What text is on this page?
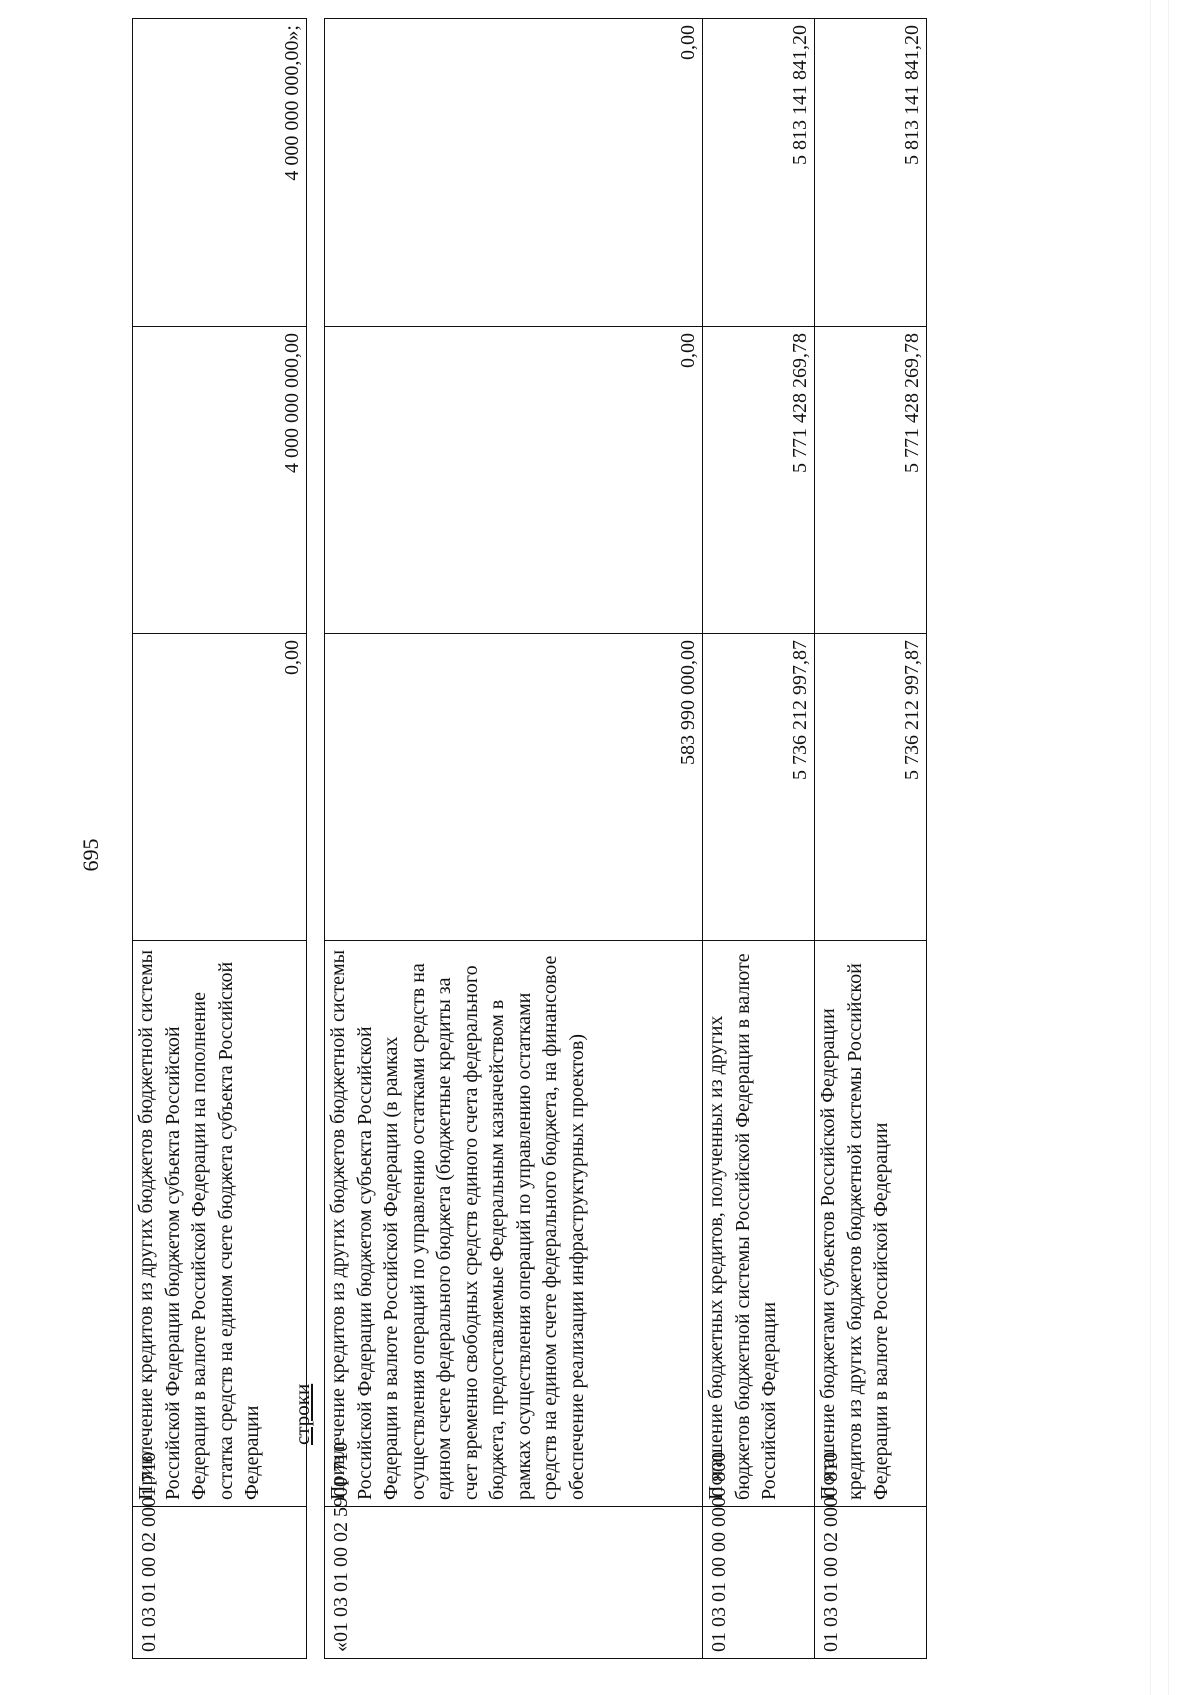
695
01 03 01 00 02 0001 710	Привлечение кредитов из других бюджетов бюджетной системы Российской Федерации бюджетом субъекта Российской Федерации в валюте Российской Федерации на пополнение остатка средств на едином счете бюджета субъекта Российской Федерации	0,00	4 000 000 000,00	4 000 000 000,00»;
строки
«01 03 01 00 02 5900 710	Привлечение кредитов из других бюджетов бюджетной системы Российской Федерации бюджетом субъекта Российской Федерации в валюте Российской Федерации (в рамках осуществления операций по управлению остатками средств на едином счете федерального бюджета (бюджетные кредиты за счет временно свободных средств единого счета федерального бюджета, предоставляемые Федеральным казначейством в рамках осуществления операций по управлению остатками средств на едином счете федерального бюджета, на финансовое обеспечение реализации инфраструктурных проектов)	583 990 000,00	0,00	0,00
01 03 01 00 00 0000 800	Погашение бюджетных кредитов, полученных из других бюджетов бюджетной системы Российской Федерации в валюте Российской Федерации	5 736 212 997,87	5 771 428 269,78	5 813 141 841,20
01 03 01 00 02 0000 810	Погашение бюджетами субъектов Российской Федерации кредитов из других бюджетов бюджетной системы Российской Федерации в валюте Российской Федерации	5 736 212 997,87	5 771 428 269,78	5 813 141 841,20
